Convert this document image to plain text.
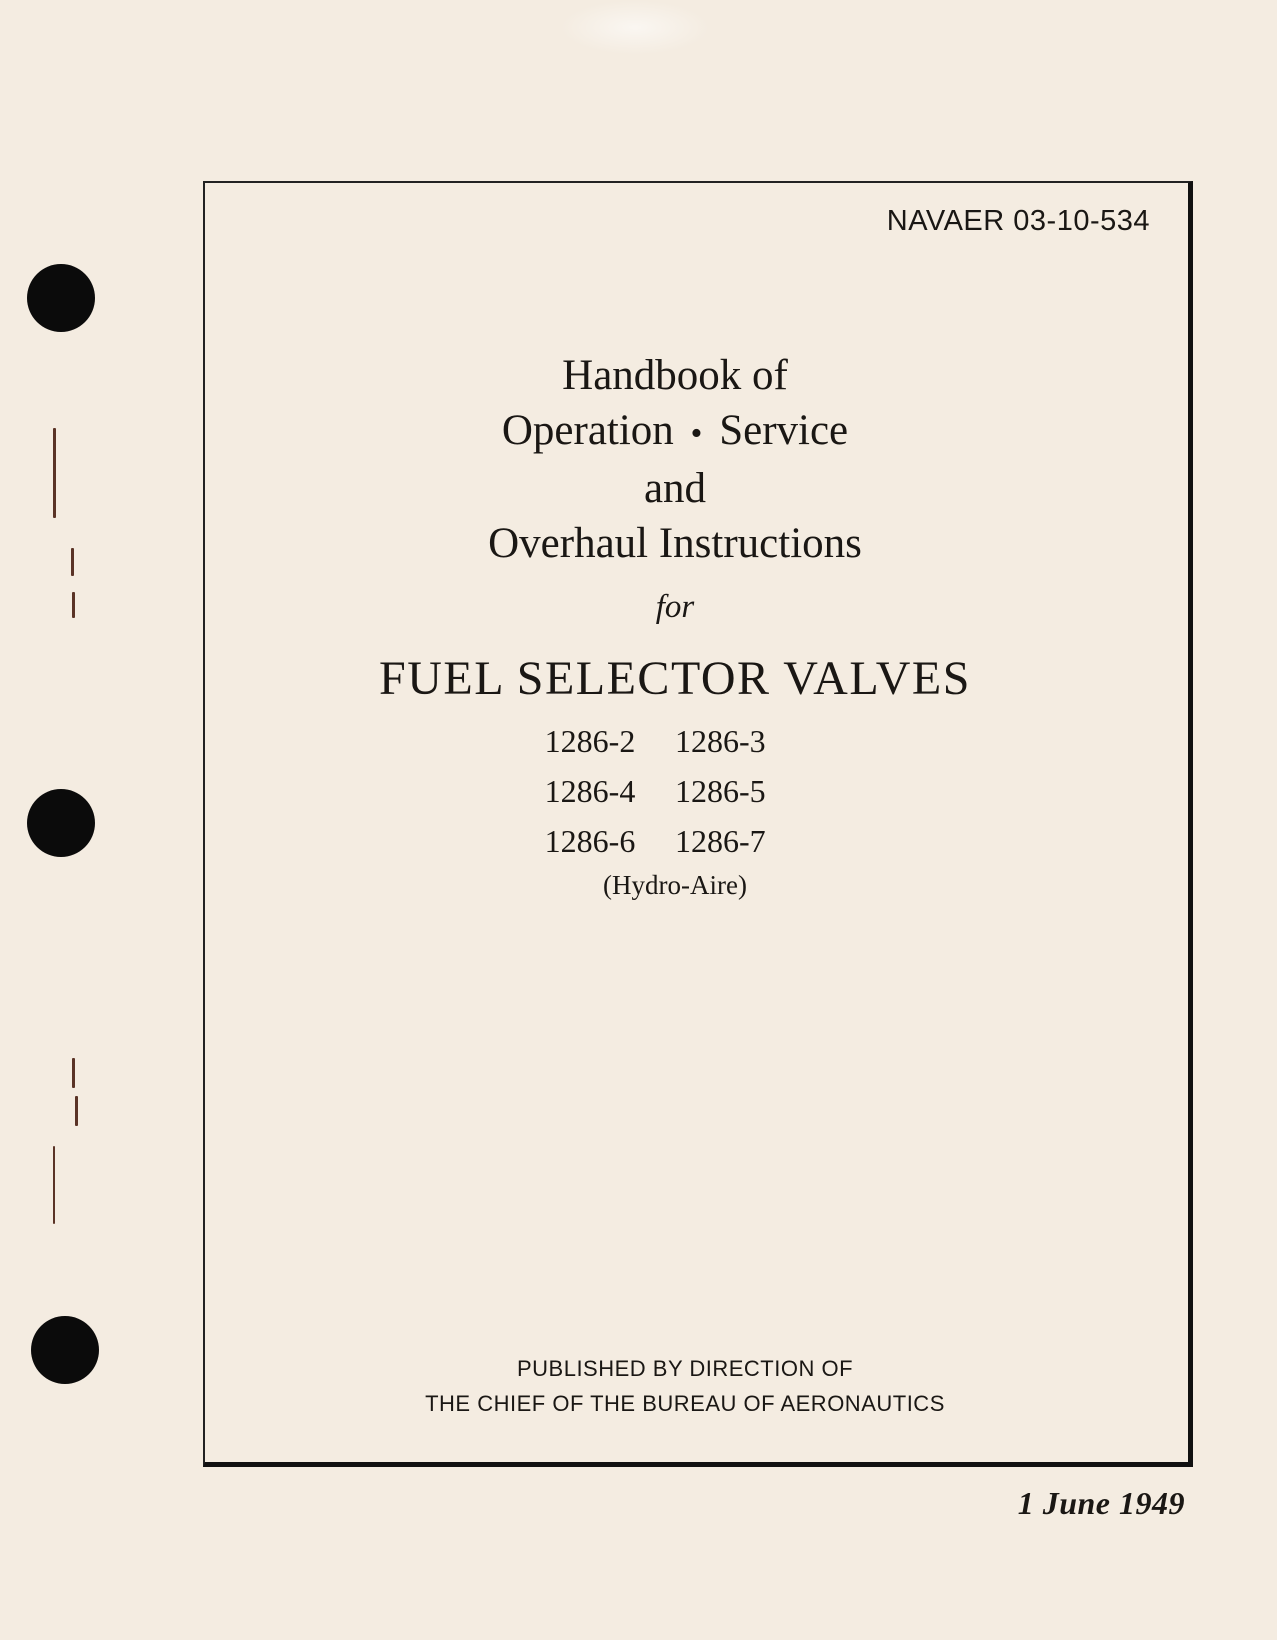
NAVAER 03-10-534
Handbook of
Operation • Service
and
Overhaul Instructions
for
FUEL SELECTOR VALVES
1286-2	1286-3
1286-4	1286-5
1286-6	1286-7
(Hydro-Aire)
PUBLISHED BY DIRECTION OF
THE CHIEF OF THE BUREAU OF AERONAUTICS
1 June 1949
